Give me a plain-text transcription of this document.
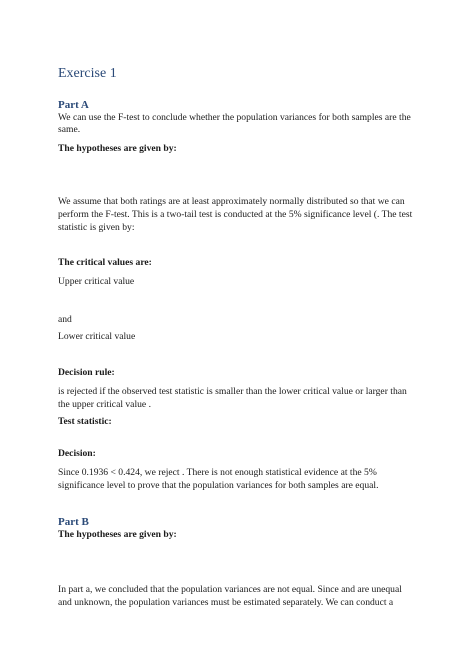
Exercise 1

Part A

We can use the F-test to conclude whether the population variances for both samples are the

same.

The hypotheses are given by:

We assume that both ratings are at least approximately normally distributed so that we can

perform the F-test. This is a two-tail test is conducted at the 5% significance level (. The test

statistic is given by:

The critical values are:

Upper critical value

and

Lower critical value

Decision rule:

is rejected if the observed test statistic is smaller than the lower critical value or larger than

the upper critical value .

Test statistic:

Decision:

Since 0.1936 < 0.424, we reject . There is not enough statistical evidence at the 5%

significance level to prove that the population variances for both samples are equal.

Part B

The hypotheses are given by:

In part a, we concluded that the population variances are not equal. Since and are unequal

and unknown, the population variances must be estimated separately. We can conduct a
